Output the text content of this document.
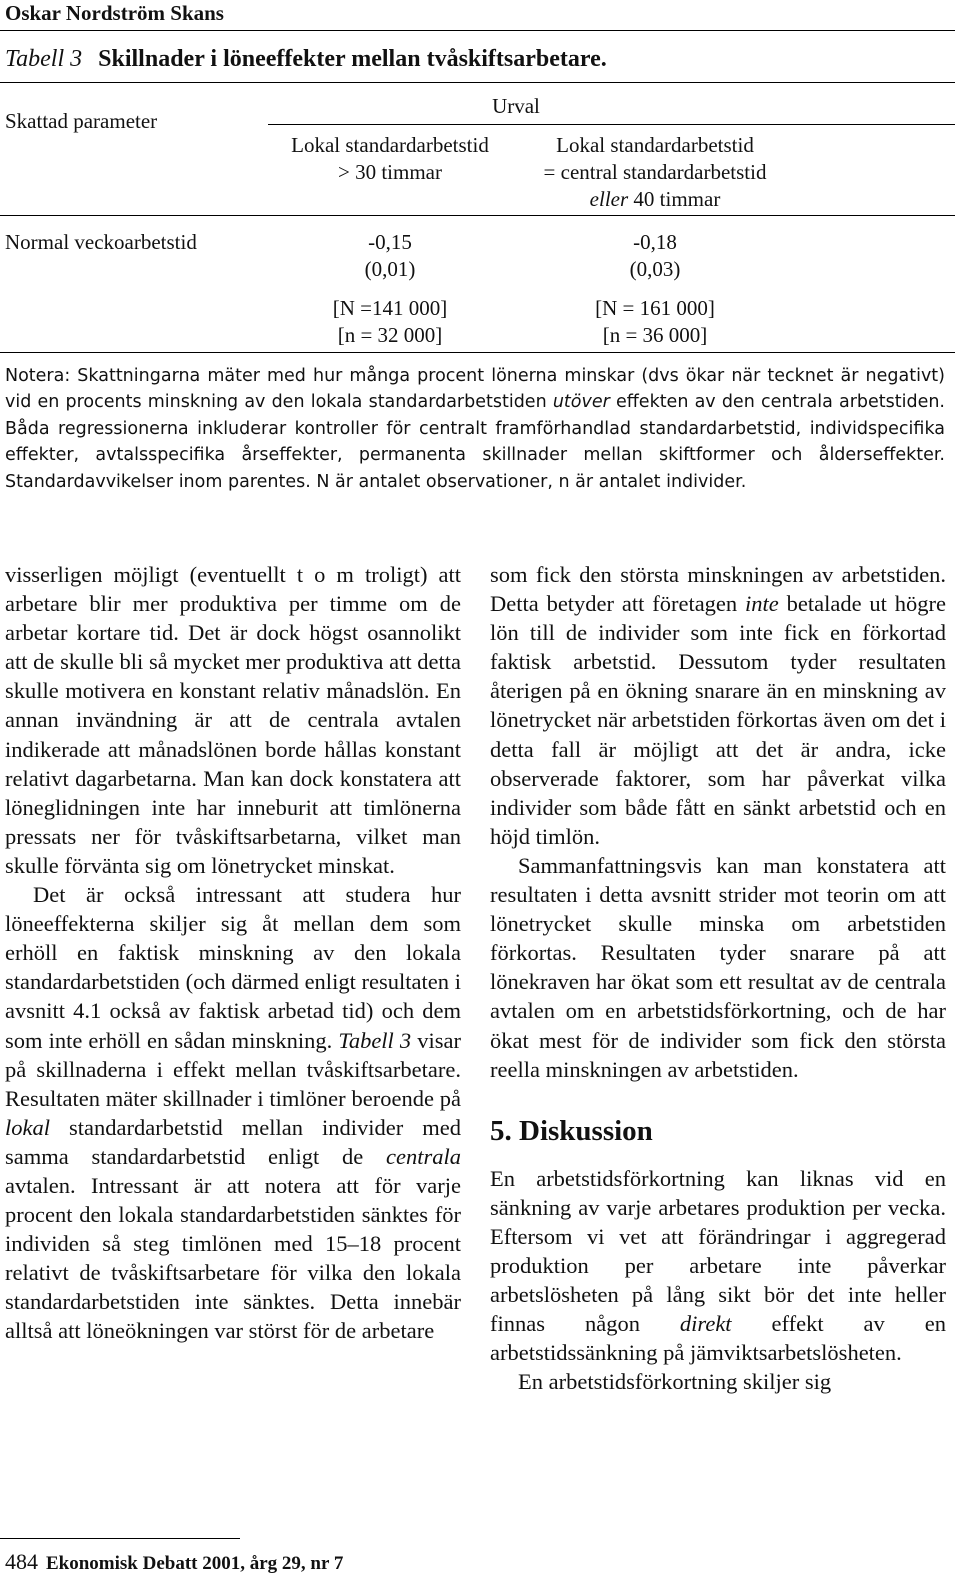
Oskar Nordström Skans
Tabell 3 Skillnader i löneeffekter mellan tvåskiftsarbetare.
Skattad parameter
Urval
Lokal standardarbetstid
> 30 timmar
Lokal standardarbetstid
= central standardarbetstid
eller 40 timmar
Normal veckoarbetstid	-0,15
(0,01)
[N =141 000]
[n = 32 000]
-0,18
(0,03)
[N = 161 000]
[n = 36 000]

Notera: Skattningarna mäter med hur många procent lönerna minskar (dvs ökar när tecknet är negativt) vid en procents minskning av den lokala standardarbetstiden utöver effekten av den centrala arbetstiden. Båda regressionerna inkluderar kontroller för centralt framförhandlad standardarbetstid, individspecifika effekter, avtalsspecifika årseffekter, permanenta skillnader mellan skiftformer och ålderseffekter. Standardavvikelser inom parentes. N är antalet observationer, n är antalet individer.

visserligen möjligt (eventuellt t o m troligt) att arbetare blir mer produktiva per timme om de arbetar kortare tid. Det är dock högst osannolikt att de skulle bli så mycket mer produktiva att detta skulle motivera en konstant relativ månadslön. En annan invändning är att de centrala avtalen indikerade att månadslönen borde hållas konstant relativt dagarbetarna. Man kan dock konstatera att löneglidningen inte har inneburit att timlönerna pressats ner för tvåskiftsarbetarna, vilket man skulle förvänta sig om lönetrycket minskat.

Det är också intressant att studera hur löneeffekterna skiljer sig åt mellan dem som erhöll en faktisk minskning av den lokala standardarbetstiden (och därmed enligt resultaten i avsnitt 4.1 också av faktisk arbetad tid) och dem som inte erhöll en sådan minskning. Tabell 3 visar på skillnaderna i effekt mellan tvåskiftsarbetare. Resultaten mäter skillnader i timlöner beroende på lokal standardarbetstid mellan individer med samma standardarbetstid enligt de centrala avtalen. Intressant är att notera att för varje procent den lokala standardarbetstiden sänktes för individen så steg timlönen med 15–18 procent relativt de tvåskiftsarbetare för vilka den lokala standardarbetstiden inte sänktes. Detta innebär alltså att löneökningen var störst för de arbetare

som fick den största minskningen av arbetstiden. Detta betyder att företagen inte betalade ut högre lön till de individer som inte fick en förkortad faktisk arbetstid. Dessutom tyder resultaten återigen på en ökning snarare än en minskning av lönetrycket när arbetstiden förkortas även om det i detta fall är möjligt att det är andra, icke observerade faktorer, som har påverkat vilka individer som både fått en sänkt arbetstid och en höjd timlön.

Sammanfattningsvis kan man konstatera att resultaten i detta avsnitt strider mot teorin om att lönetrycket skulle minska om arbetstiden förkortas. Resultaten tyder snarare på att lönekraven har ökat som ett resultat av de centrala avtalen om en arbetstidsförkortning, och de har ökat mest för de individer som fick den största reella minskningen av arbetstiden.

5. Diskussion

En arbetstidsförkortning kan liknas vid en sänkning av varje arbetares produktion per vecka. Eftersom vi vet att förändringar i aggregerad produktion per arbetare inte påverkar arbetslösheten på lång sikt bör det inte heller finnas någon direkt effekt av en arbetstidssänkning på jämviktsarbetslösheten.

En arbetstidsförkortning skiljer sig

484 Ekonomisk Debatt 2001, årg 29, nr 7
